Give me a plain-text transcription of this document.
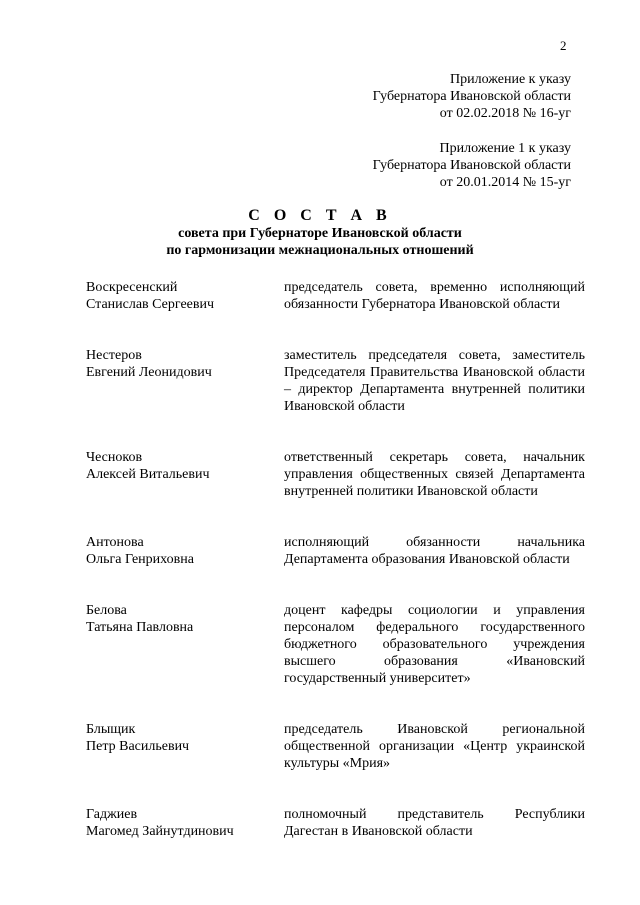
2
Приложение к указу
Губернатора Ивановской области
от 02.02.2018 № 16-уг
Приложение 1 к указу
Губернатора Ивановской области
от 20.01.2014 № 15-уг
С О С Т А В
совета при Губернаторе Ивановской области
по гармонизации межнациональных отношений
Воскресенский
Станислав Сергеевич
председатель совета, временно исполняющий обязанности Губернатора Ивановской области
Нестеров
Евгений Леонидович
заместитель председателя совета, заместитель Председателя Правительства Ивановской области – директор Департамента внутренней политики Ивановской области
Чесноков
Алексей Витальевич
ответственный секретарь совета, начальник управления общественных связей Департамента внутренней политики Ивановской области
Антонова
Ольга Генриховна
исполняющий обязанности начальника Департамента образования Ивановской области
Белова
Татьяна Павловна
доцент кафедры социологии и управления персоналом федерального государственного бюджетного образовательного учреждения высшего образования «Ивановский государственный университет»
Блыщик
Петр Васильевич
председатель Ивановской региональной общественной организации «Центр украинской культуры «Мрия»
Гаджиев
Магомед Зайнутдинович
полномочный представитель Республики Дагестан в Ивановской области
